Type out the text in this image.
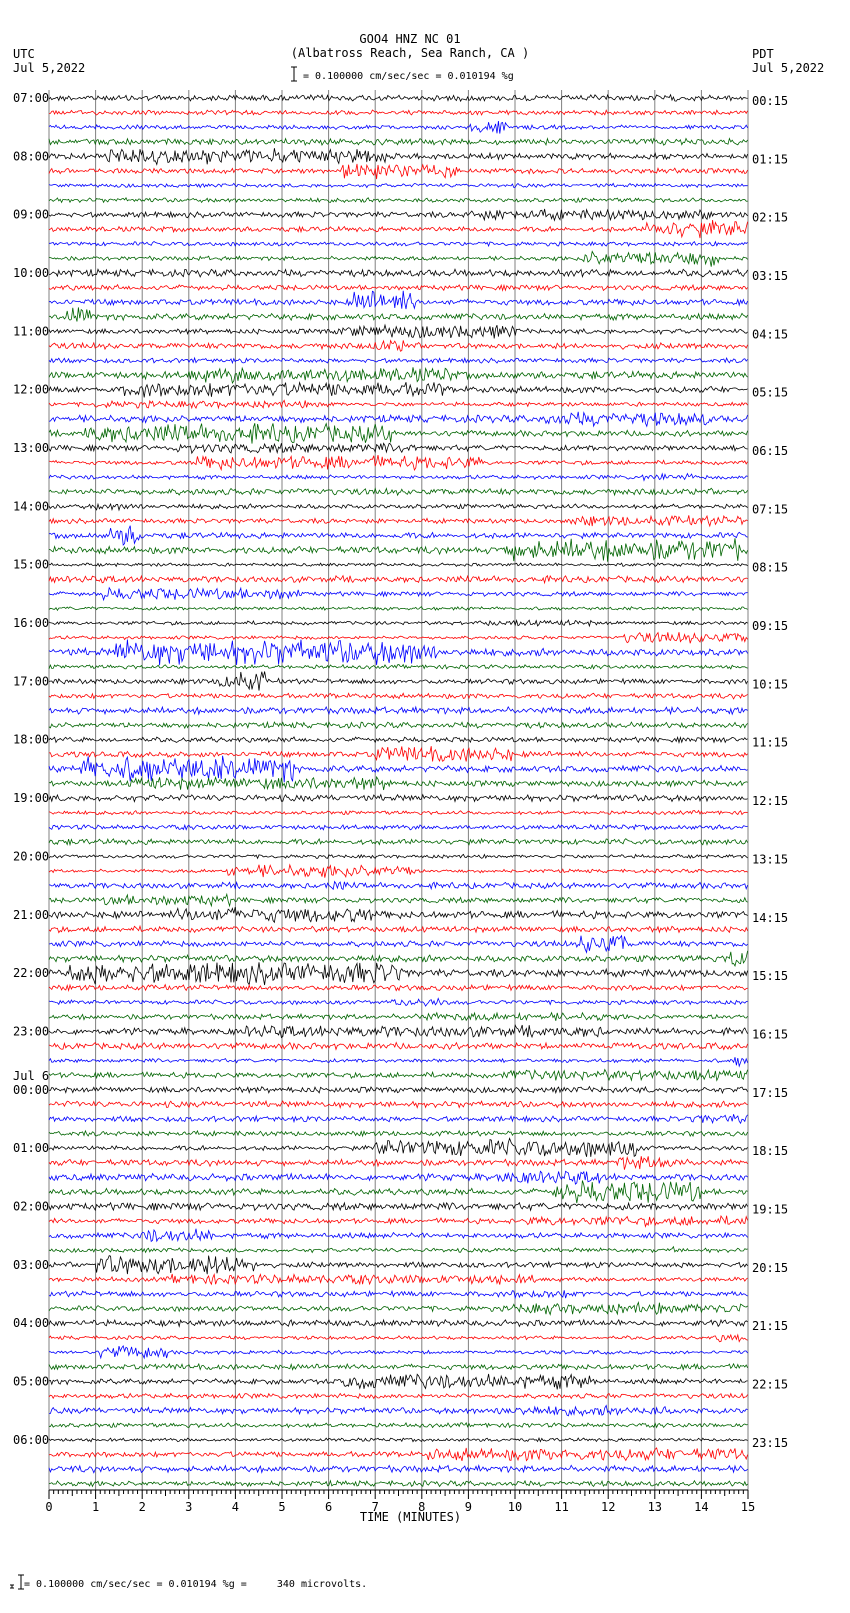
GOO4 HNZ NC 01
(Albatross Reach, Sea Ranch, CA )
UTC
Jul 5,2022
PDT
Jul 5,2022
= 0.100000 cm/sec/sec = 0.010194 %g
= 0.100000 cm/sec/sec = 0.010194 %g =     340 microvolts.
07:00
08:00
09:00
10:00
11:00
12:00
13:00
14:00
15:00
16:00
17:00
18:00
19:00
20:00
21:00
22:00
23:00
Jul 6
00:00
01:00
02:00
03:00
04:00
05:00
06:00
00:15
01:15
02:15
03:15
04:15
05:15
06:15
07:15
08:15
09:15
10:15
11:15
12:15
13:15
14:15
15:15
16:15
17:15
18:15
19:15
20:15
21:15
22:15
23:15
0	1	2	3	4	5	6	7	8	9	10	11	12	13	14	15
TIME (MINUTES)
